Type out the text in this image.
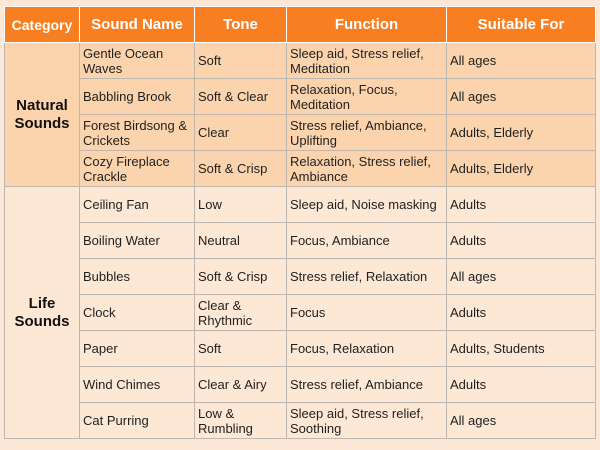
Category	Sound Name	Tone	Function	Suitable For
Natural
Sounds	Gentle Ocean Waves	Soft	Sleep aid, Stress relief, Meditation	All ages
	Babbling Brook	Soft & Clear	Relaxation, Focus, Meditation	All ages
	Forest Birdsong & Crickets	Clear	Stress relief, Ambiance, Uplifting	Adults, Elderly
	Cozy Fireplace Crackle	Soft & Crisp	Relaxation, Stress relief, Ambiance	Adults, Elderly
Life
Sounds	Ceiling Fan	Low	Sleep aid, Noise masking	Adults
	Boiling Water	Neutral	Focus, Ambiance	Adults
	Bubbles	Soft & Crisp	Stress relief, Relaxation	All ages
	Clock	Clear & Rhythmic	Focus	Adults
	Paper	Soft	Focus, Relaxation	Adults, Students
	Wind Chimes	Clear & Airy	Stress relief, Ambiance	Adults
	Cat Purring	Low & Rumbling	Sleep aid, Stress relief, Soothing	All ages
